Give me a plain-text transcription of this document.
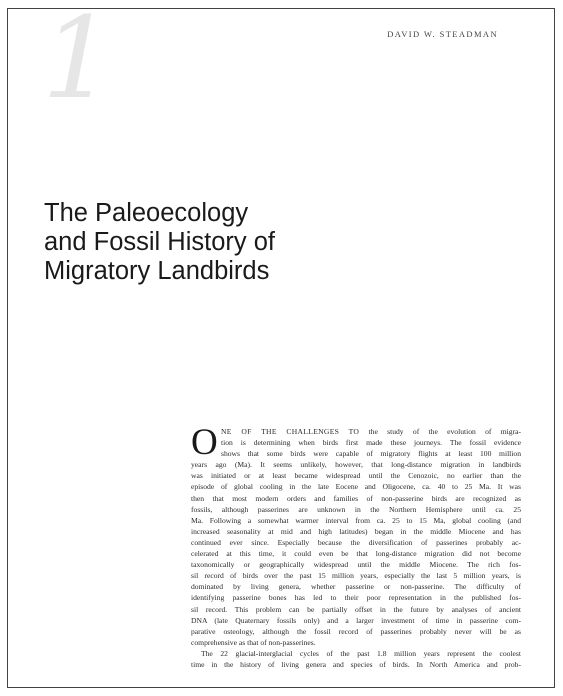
1	DAVID W. STEADMAN
The Paleoecology
and Fossil History of
Migratory Landbirds
O NE OF THE CHALLENGES TO the study of the evolution of migra-
tion is determining when birds first made these journeys. The fossil evidence
shows that some birds were capable of migratory flights at least 100 million
years ago (Ma). It seems unlikely, however, that long-distance migration in landbirds
was initiated or at least became widespread until the Cenozoic, no earlier than the
episode of global cooling in the late Eocene and Oligocene, ca. 40 to 25 Ma. It was
then that most modern orders and families of non-passerine birds are recognized as
fossils, although passerines are unknown in the Northern Hemisphere until ca. 25
Ma. Following a somewhat warmer interval from ca. 25 to 15 Ma, global cooling (and
increased seasonality at mid and high latitudes) began in the middle Miocene and has
continued ever since. Especially because the diversification of passerines probably ac-
celerated at this time, it could even be that long-distance migration did not become
taxonomically or geographically widespread until the middle Miocene. The rich fos-
sil record of birds over the past 15 million years, especially the last 5 million years, is
dominated by living genera, whether passerine or non-passerine. The difficulty of
identifying passerine bones has led to their poor representation in the published fos-
sil record. This problem can be partially offset in the future by analyses of ancient
DNA (late Quaternary fossils only) and a larger investment of time in passerine com-
parative osteology, although the fossil record of passerines probably never will be as
comprehensive as that of non-passerines.
The 22 glacial-interglacial cycles of the past 1.8 million years represent the coolest
time in the history of living genera and species of birds. In North America and prob-
